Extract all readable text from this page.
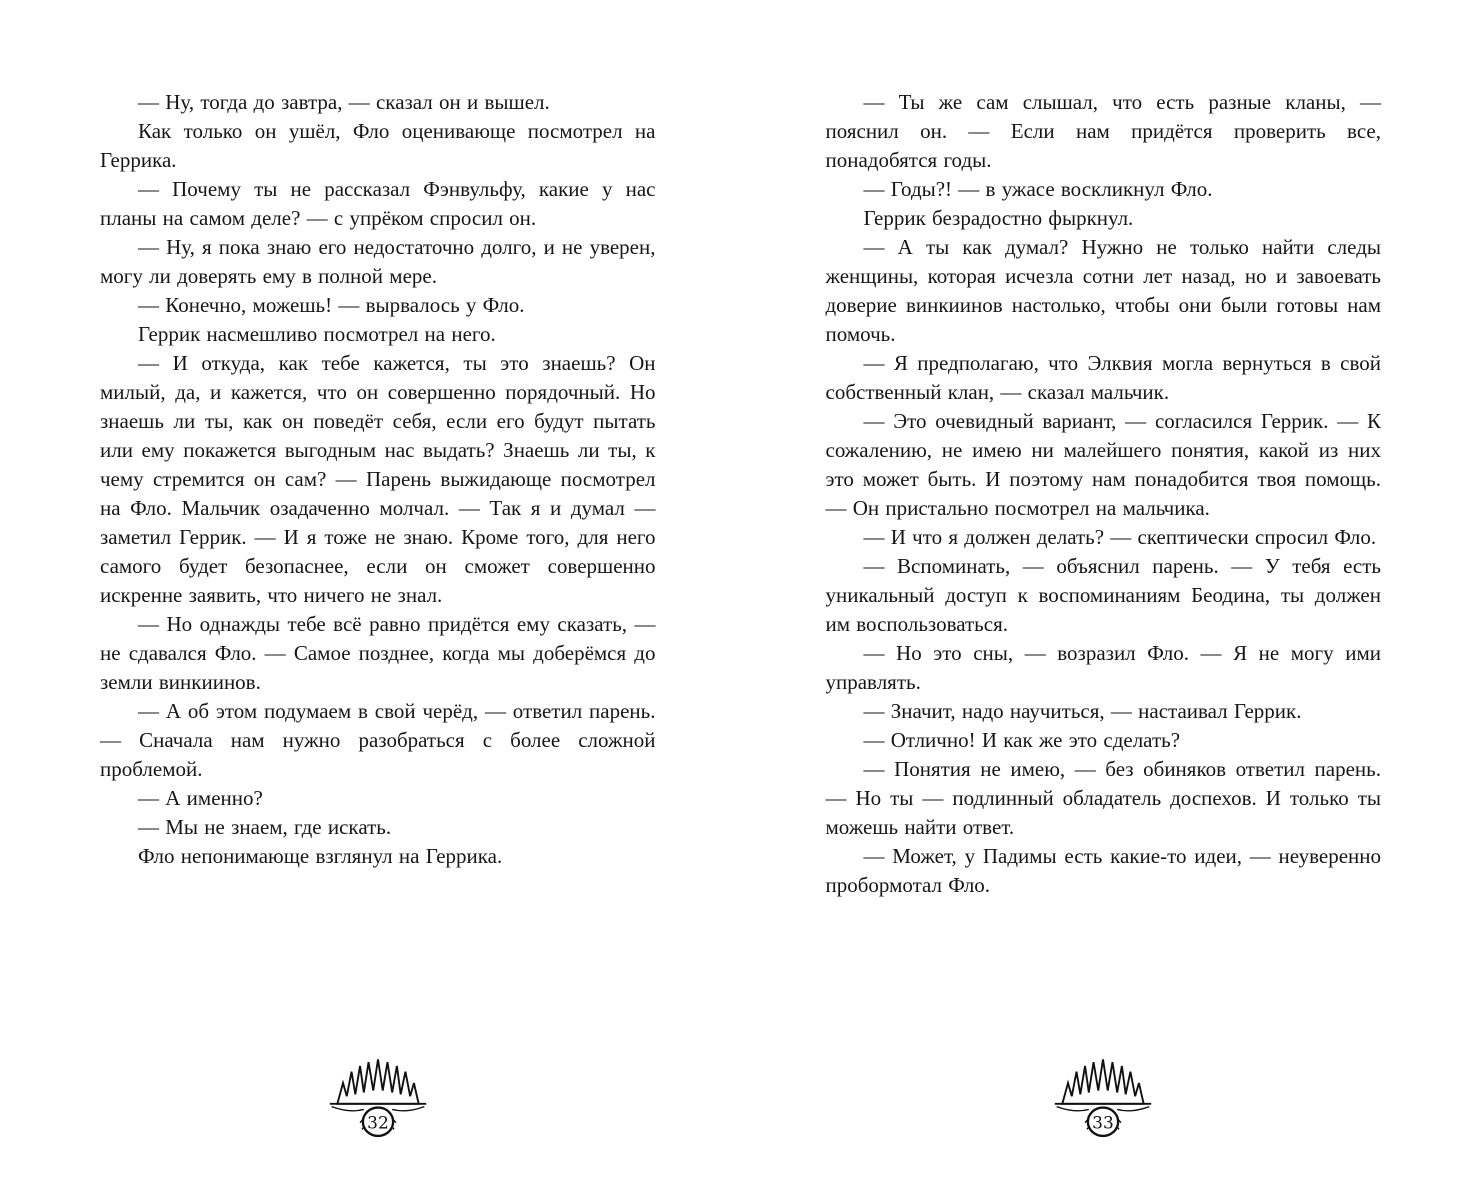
— Ну, тогда до завтра, — сказал он и вышел.

Как только он ушёл, Фло оценивающе посмотрел на Геррика.

— Почему ты не рассказал Фэнвульфу, какие у нас планы на самом деле? — с упрёком спросил он.

— Ну, я пока знаю его недостаточно долго, и не уверен, могу ли доверять ему в полной мере.

— Конечно, можешь! — вырвалось у Фло.

Геррик насмешливо посмотрел на него.

— И откуда, как тебе кажется, ты это знаешь? Он милый, да, и кажется, что он совершенно порядочный. Но знаешь ли ты, как он поведёт себя, если его будут пытать или ему покажется выгодным нас выдать? Знаешь ли ты, к чему стремится он сам? — Парень выжидающе посмотрел на Фло. Мальчик озадаченно молчал. — Так я и думал — заметил Геррик. — И я тоже не знаю. Кроме того, для него самого будет безопаснее, если он сможет совершенно искренне заявить, что ничего не знал.

— Но однажды тебе всё равно придётся ему сказать, — не сдавался Фло. — Самое позднее, когда мы доберёмся до земли винкиинов.

— А об этом подумаем в свой черёд, — ответил парень. — Сначала нам нужно разобраться с более сложной проблемой.

— А именно?

— Мы не знаем, где искать.

Фло непонимающе взглянул на Геррика.

32

— Ты же сам слышал, что есть разные кланы, — пояснил он. — Если нам придётся проверить все, понадобятся годы.

— Годы?! — в ужасе воскликнул Фло.

Геррик безрадостно фыркнул.

— А ты как думал? Нужно не только найти следы женщины, которая исчезла сотни лет назад, но и завоевать доверие винкиинов настолько, чтобы они были готовы нам помочь.

— Я предполагаю, что Элквия могла вернуться в свой собственный клан, — сказал мальчик.

— Это очевидный вариант, — согласился Геррик. — К сожалению, не имею ни малейшего понятия, какой из них это может быть. И поэтому нам понадобится твоя помощь. — Он пристально посмотрел на мальчика.

— И что я должен делать? — скептически спросил Фло.

— Вспоминать, — объяснил парень. — У тебя есть уникальный доступ к воспоминаниям Беодина, ты должен им воспользоваться.

— Но это сны, — возразил Фло. — Я не могу ими управлять.

— Значит, надо научиться, — настаивал Геррик.

— Отлично! И как же это сделать?

— Понятия не имею, — без обиняков ответил парень. — Но ты — подлинный обладатель доспехов. И только ты можешь найти ответ.

— Может, у Падимы есть какие-то идеи, — неуверенно пробормотал Фло.

33
